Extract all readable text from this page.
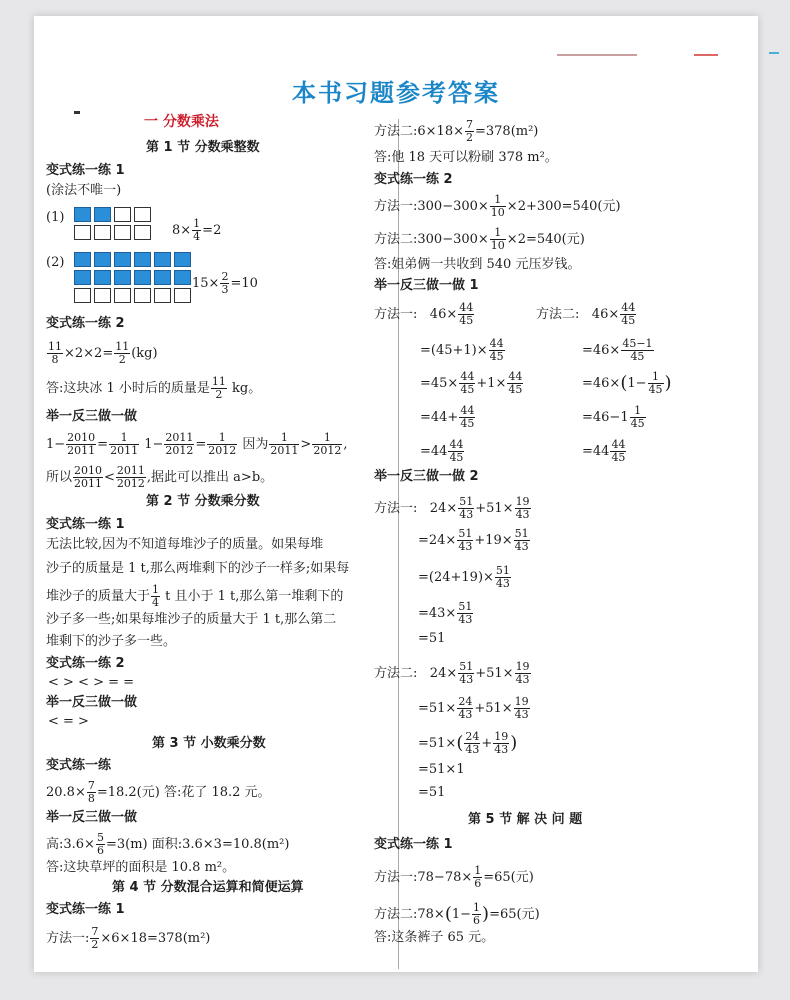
本书习题参考答案
一 分数乘法
第 1 节 分数乘整数
变式练一练 1
(涂法不唯一)
(1)
$8\times \frac{1}{4} =2$
(2)
$15\times \frac{2}{3} =10$
变式练一练 2
$\frac{11}{8} \times 2\times 2= \frac{11}{2} (kg)$
答:这块冰 1 小时后的质量是 $\frac{11}{2}$ kg。
举一反三做一做
$1- \frac{2010}{2011} = \frac{1}{2011} 1- \frac{2011}{2012} = \frac{1}{2012}$ 因为 $\frac{1}{2011} > \frac{1}{2012}$ ,
所以 $\frac{2010}{2011} < \frac{2011}{2012}$ ,据此可以推出 a>b。
第 2 节 分数乘分数
变式练一练 1
无法比较,因为不知道每堆沙子的质量。如果每堆
沙子的质量是 1 t,那么两堆剩下的沙子一样多;如果每
堆沙子的质量大于 $\frac{1}{4}$ t 且小于 1 t,那么第一堆剩下的
沙子多一些;如果每堆沙子的质量大于 1 t,那么第二
堆剩下的沙子多一些。
变式练一练 2
< > < > = =
举一反三做一做
< = >
第 3 节 小数乘分数
变式练一练
$20.8\times \frac{7}{8} =18.2$(元) 答:花了 18.2 元。
举一反三做一做
高:3.6× $\frac{5}{6} =3(m)$ 面积:3.6×3=10.8(m²)
答:这块草坪的面积是 10.8 m²。
第 4 节 分数混合运算和简便运算
变式练一练 1
方法一: $\frac{7}{2} \times 6\times 18=378(m^2)$
方法二:6×18× $\frac{7}{2} =378(m^2)$
答:他 18 天可以粉刷 378 m²。
变式练一练 2
方法一:300−300× $\frac{1}{10} \times 2+300=540$(元)
方法二:300−300× $\frac{1}{10} \times 2=540$(元)
答:姐弟俩一共收到 540 元压岁钱。
举一反三做一做 1
方法一: $46\times \frac{44}{45}$
$=(45+1)\times \frac{44}{45}$
$=45\times \frac{44}{45} +1\times \frac{44}{45}$
$=44+ \frac{44}{45}$
$=44 \frac{44}{45}$
方法二: $46\times \frac{44}{45}$
$=46\times \frac{45-1}{45}$
$=46\times(1- \frac{1}{45}$ )
$=46-1 \frac{1}{45}$
$=44 \frac{44}{45}$
举一反三做一做 2
方法一: $24\times \frac{51}{43} +51\times \frac{19}{43}$
$=24\times \frac{51}{43} +19\times \frac{51}{43}$
$=(24+19)\times \frac{51}{43}$
$=43\times \frac{51}{43}$
=51
方法二: $24\times \frac{51}{43} +51\times \frac{19}{43}$
$=51\times \frac{24}{43} +51\times \frac{19}{43}$
$=51\times( \frac{24}{43} + \frac{19}{43}$ )
=51×1
=51
第 5 节 解 决 问 题
变式练一练 1
方法一:78−78× $\frac{1}{6} =65$(元)
方法二:78×(1− $\frac{1}{6} )=65$(元)
答:这条裤子 65 元。
